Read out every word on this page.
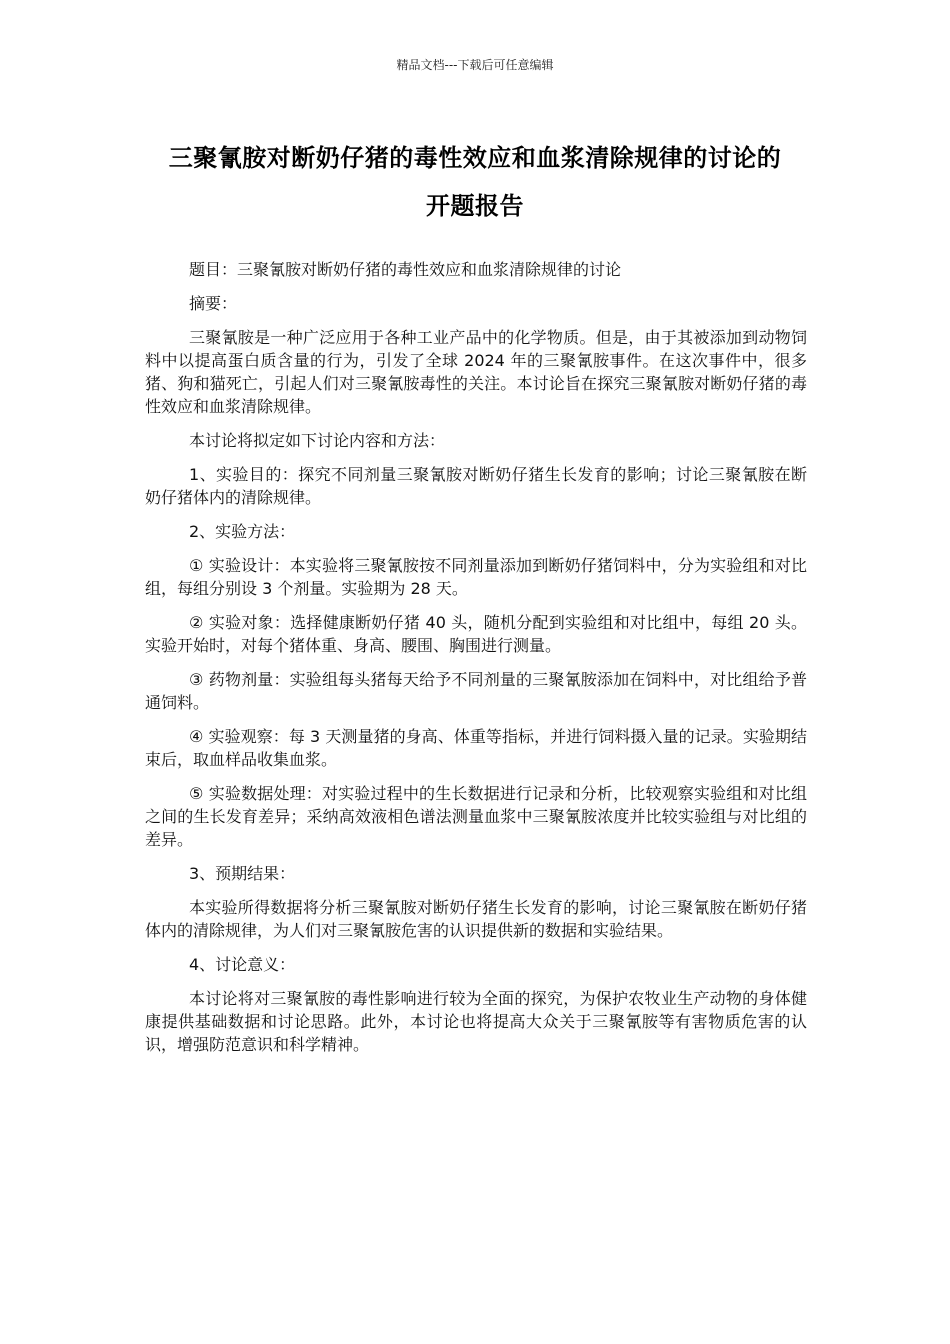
精品文档---下载后可任意编辑
三聚氰胺对断奶仔猪的毒性效应和血浆清除规律的讨论的
开题报告

题目：三聚氰胺对断奶仔猪的毒性效应和血浆清除规律的讨论

摘要：

三聚氰胺是一种广泛应用于各种工业产品中的化学物质。但是，由于其被添加到动物饲料中以提高蛋白质含量的行为，引发了全球 2024 年的三聚氰胺事件。在这次事件中，很多猪、狗和猫死亡，引起人们对三聚氰胺毒性的关注。本讨论旨在探究三聚氰胺对断奶仔猪的毒性效应和血浆清除规律。

本讨论将拟定如下讨论内容和方法：

1、实验目的：探究不同剂量三聚氰胺对断奶仔猪生长发育的影响；讨论三聚氰胺在断奶仔猪体内的清除规律。

2、实验方法：

① 实验设计：本实验将三聚氰胺按不同剂量添加到断奶仔猪饲料中，分为实验组和对比组，每组分别设 3 个剂量。实验期为 28 天。

② 实验对象：选择健康断奶仔猪 40 头，随机分配到实验组和对比组中，每组 20 头。实验开始时，对每个猪体重、身高、腰围、胸围进行测量。

③ 药物剂量：实验组每头猪每天给予不同剂量的三聚氰胺添加在饲料中，对比组给予普通饲料。

④ 实验观察：每 3 天测量猪的身高、体重等指标，并进行饲料摄入量的记录。实验期结束后，取血样品收集血浆。

⑤ 实验数据处理：对实验过程中的生长数据进行记录和分析，比较观察实验组和对比组之间的生长发育差异；采纳高效液相色谱法测量血浆中三聚氰胺浓度并比较实验组与对比组的差异。

3、预期结果：

本实验所得数据将分析三聚氰胺对断奶仔猪生长发育的影响，讨论三聚氰胺在断奶仔猪体内的清除规律，为人们对三聚氰胺危害的认识提供新的数据和实验结果。

4、讨论意义：

本讨论将对三聚氰胺的毒性影响进行较为全面的探究，为保护农牧业生产动物的身体健康提供基础数据和讨论思路。此外，本讨论也将提高大众关于三聚氰胺等有害物质危害的认识，增强防范意识和科学精神。
